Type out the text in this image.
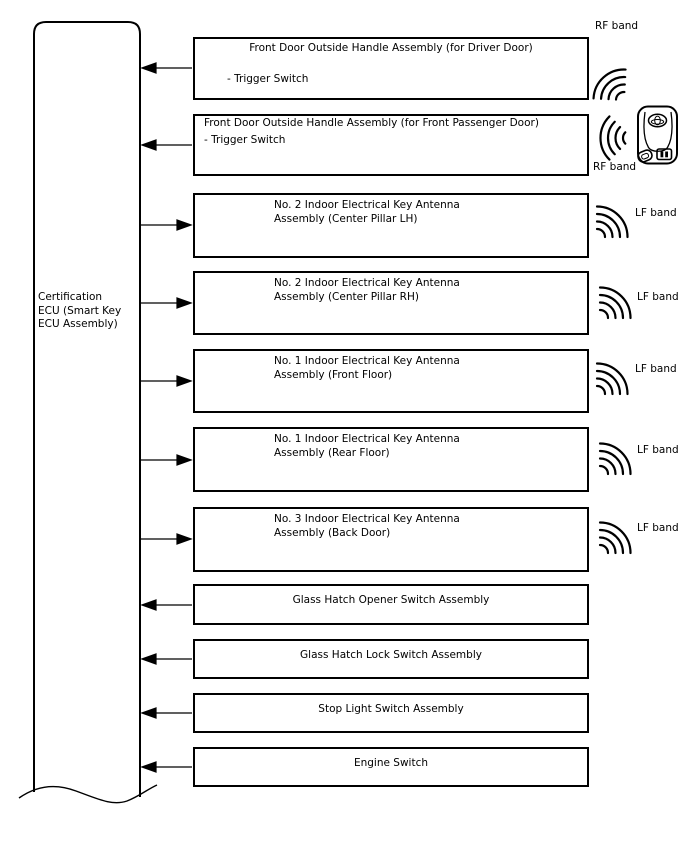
Certification
ECU (Smart Key
ECU Assembly)
Front Door Outside Handle Assembly (for Driver Door)
- Trigger Switch
Front Door Outside Handle Assembly (for Front Passenger Door)
- Trigger Switch
No. 2 Indoor Electrical Key Antenna
Assembly (Center Pillar LH)
No. 2 Indoor Electrical Key Antenna
Assembly (Center Pillar RH)
No. 1 Indoor Electrical Key Antenna
Assembly (Front Floor)
No. 1 Indoor Electrical Key Antenna
Assembly (Rear Floor)
No. 3 Indoor Electrical Key Antenna
Assembly (Back Door)
Glass Hatch Opener Switch Assembly
Glass Hatch Lock Switch Assembly
Stop Light Switch Assembly
Engine Switch
RF band
RF band
LF band
LF band
LF band
LF band
LF band
